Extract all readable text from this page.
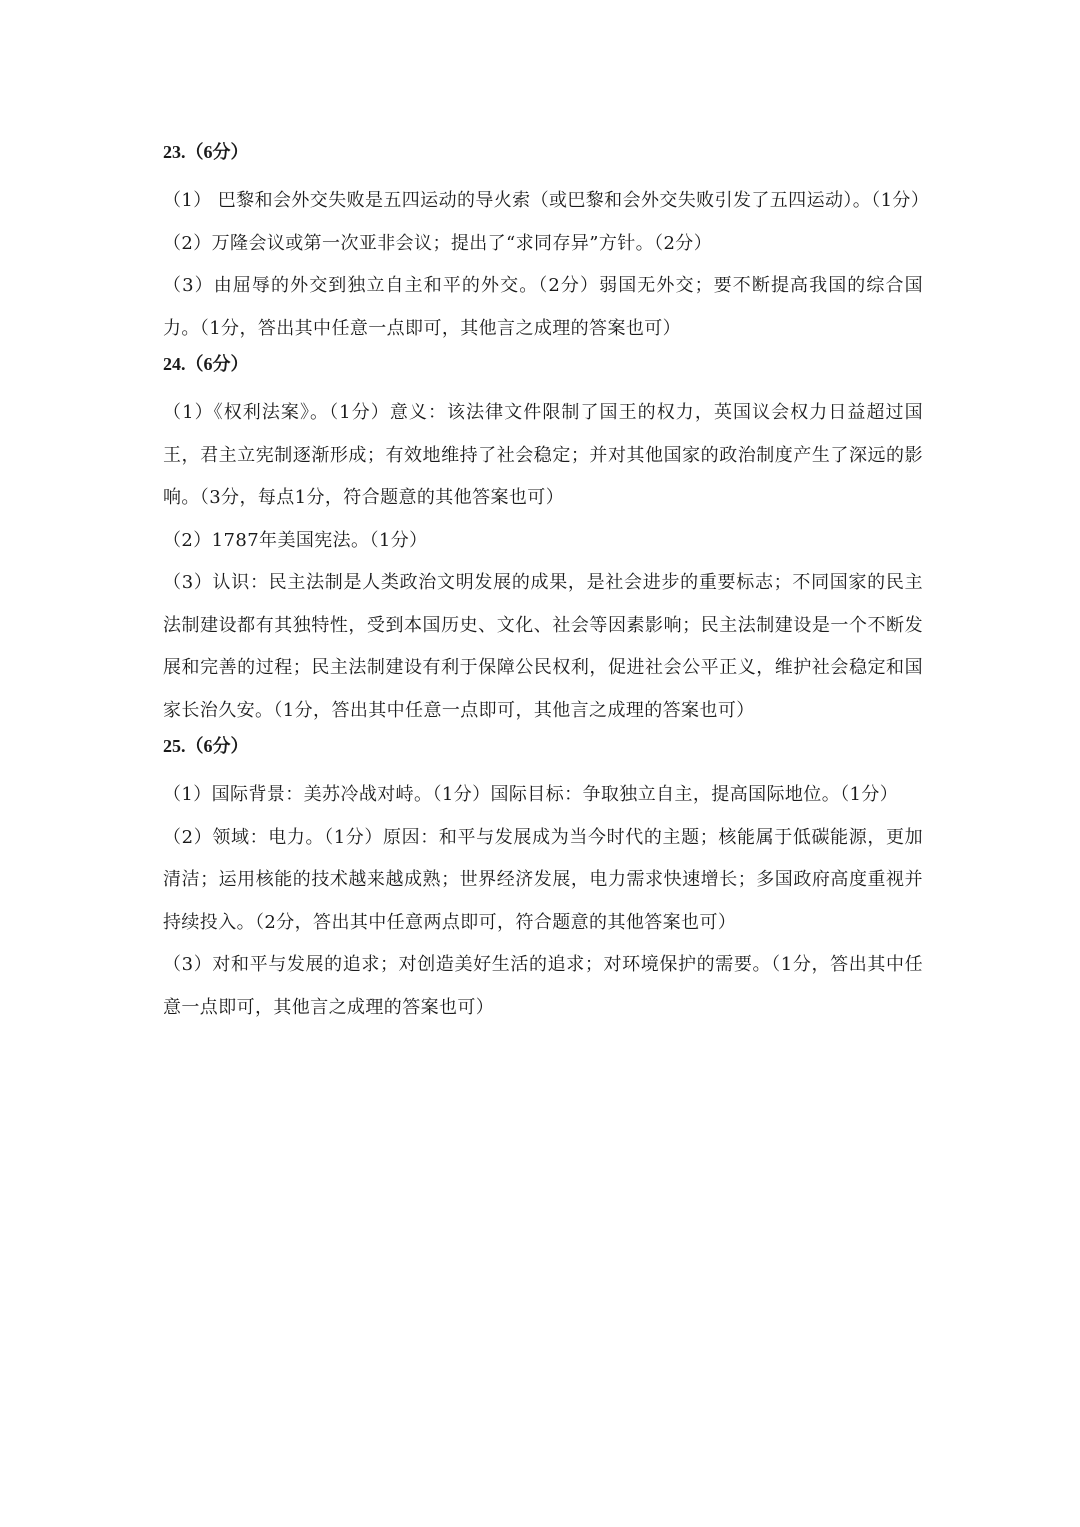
23.（6分）
（1） 巴黎和会外交失败是五四运动的导火索（或巴黎和会外交失败引发了五四运动）。（1分）
（2）万隆会议或第一次亚非会议；提出了“求同存异”方针。（2分）
（3）由屈辱的外交到独立自主和平的外交。（2分）弱国无外交；要不断提高我国的综合国力。（1分，答出其中任意一点即可，其他言之成理的答案也可）
24.（6分）
（1）《权利法案》。（1分）意义：该法律文件限制了国王的权力，英国议会权力日益超过国王，君主立宪制逐渐形成；有效地维持了社会稳定；并对其他国家的政治制度产生了深远的影响。（3分，每点1分，符合题意的其他答案也可）
（2）1787年美国宪法。（1分）
（3）认识：民主法制是人类政治文明发展的成果，是社会进步的重要标志；不同国家的民主法制建设都有其独特性，受到本国历史、文化、社会等因素影响；民主法制建设是一个不断发展和完善的过程；民主法制建设有利于保障公民权利，促进社会公平正义，维护社会稳定和国家长治久安。（1分，答出其中任意一点即可，其他言之成理的答案也可）
25.（6分）
（1）国际背景：美苏冷战对峙。（1分）国际目标：争取独立自主，提高国际地位。（1分）
（2）领域：电力。（1分）原因：和平与发展成为当今时代的主题；核能属于低碳能源，更加清洁；运用核能的技术越来越成熟；世界经济发展，电力需求快速增长；多国政府高度重视并持续投入。（2分，答出其中任意两点即可，符合题意的其他答案也可）
（3）对和平与发展的追求；对创造美好生活的追求；对环境保护的需要。（1分，答出其中任意一点即可，其他言之成理的答案也可）
